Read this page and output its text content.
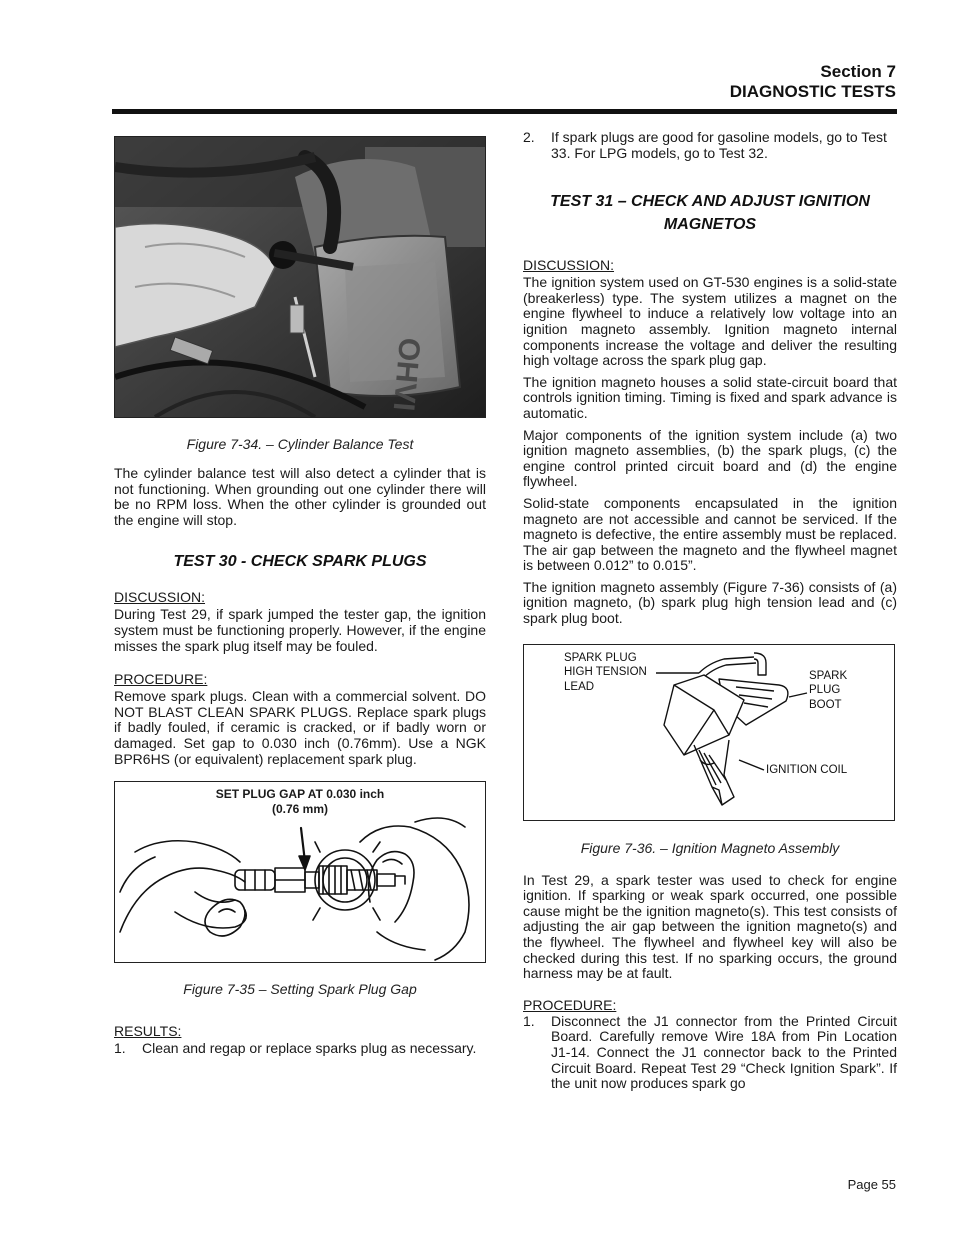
Section 7
DIAGNOSTIC TESTS
OHVI
Figure 7-34. – Cylinder Balance Test

The cylinder balance test will also detect a cylinder that is not functioning. When grounding out one cylinder there will be no RPM loss. When the other cylinder is grounded out the engine will stop.

TEST 30 - CHECK SPARK PLUGS
DISCUSSION:

During Test 29, if spark jumped the tester gap, the ignition system must be functioning properly. However, if the engine misses the spark plug itself may be fouled.

PROCEDURE:

Remove spark plugs. Clean with a commercial solvent. DO NOT BLAST CLEAN SPARK PLUGS. Replace spark plugs if badly fouled, if ceramic is cracked, or if badly worn or damaged. Set gap to 0.030 inch (0.76mm). Use a NGK BPR6HS (or equivalent) replacement spark plug.

SET PLUG GAP AT 0.030 inch
(0.76 mm)
Figure 7-35 – Setting Spark Plug Gap
RESULTS:
1.	Clean and regap or replace sparks plug as necessary.
2.	If spark plugs are good for gasoline models, go to Test 33. For LPG models, go to Test 32.
TEST 31 – CHECK AND ADJUST IGNITION
MAGNETOS
DISCUSSION:

The ignition system used on GT-530 engines is a solid-state (breakerless) type. The system utilizes a magnet on the engine flywheel to induce a relatively low voltage into an ignition magneto assembly. Ignition magneto internal components increase the voltage and deliver the resulting high voltage across the spark plug gap.

The ignition magneto houses a solid state-circuit board that controls ignition timing. Timing is fixed and spark advance is automatic.

Major components of the ignition system include (a) two ignition magneto assemblies, (b) the spark plugs, (c) the engine control printed circuit board and (d) the engine flywheel.

Solid-state components encapsulated in the ignition magneto are not accessible and cannot be serviced. If the magneto is defective, the entire assembly must be replaced. The air gap between the magneto and the flywheel magnet is between 0.012” to 0.015”.

The ignition magneto assembly (Figure 7-36) consists of (a) ignition magneto, (b) spark plug high tension lead and (c) spark plug boot.

SPARK PLUG
HIGH TENSION
LEAD
SPARK
PLUG
BOOT
IGNITION COIL
Figure 7-36. – Ignition Magneto Assembly

In Test 29, a spark tester was used to check for engine ignition. If sparking or weak spark occurred, one possible cause might be the ignition magneto(s). This test consists of adjusting the air gap between the ignition magneto(s) and the flywheel. The flywheel and flywheel key will also be checked during this test. If no sparking occurs, the ground harness may be at fault.

PROCEDURE:
1.	Disconnect the J1 connector from the Printed Circuit Board. Carefully remove Wire 18A from Pin Location J1-14. Connect the J1 connector back to the Printed Circuit Board. Repeat Test 29 “Check Ignition Spark”. If the unit now produces spark go
Page 55
